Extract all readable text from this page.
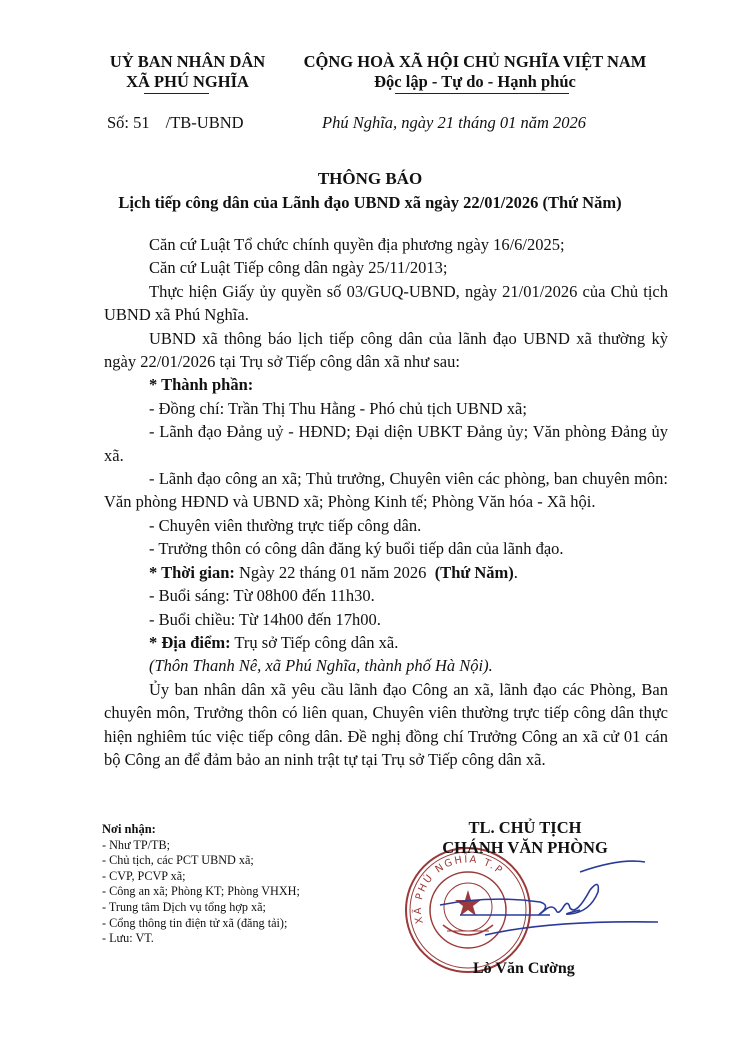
UỶ BAN NHÂN DÂN
XÃ PHÚ NGHĨA
CỘNG HOÀ XÃ HỘI CHỦ NGHĨA VIỆT NAM
Độc lập - Tự do - Hạnh phúc
Số: 51 /TB-UBND	Phú Nghĩa, ngày 21 tháng 01 năm 2026
THÔNG BÁO
Lịch tiếp công dân của Lãnh đạo UBND xã ngày 22/01/2026 (Thứ Năm)

Căn cứ Luật Tổ chức chính quyền địa phương ngày 16/6/2025;

Căn cứ Luật Tiếp công dân ngày 25/11/2013;

Thực hiện Giấy ủy quyền số 03/GUQ-UBND, ngày 21/01/2026 của Chủ tịch UBND xã Phú Nghĩa.

UBND xã thông báo lịch tiếp công dân của lãnh đạo UBND xã thường kỳ ngày 22/01/2026 tại Trụ sở Tiếp công dân xã như sau:

* Thành phần:

- Đồng chí: Trần Thị Thu Hằng - Phó chủ tịch UBND xã;

- Lãnh đạo Đảng uỷ - HĐND; Đại diện UBKT Đảng ủy; Văn phòng Đảng ủy xã.

- Lãnh đạo công an xã; Thủ trưởng, Chuyên viên các phòng, ban chuyên môn: Văn phòng HĐND và UBND xã; Phòng Kinh tế; Phòng Văn hóa - Xã hội.

- Chuyên viên thường trực tiếp công dân.

- Trưởng thôn có công dân đăng ký buổi tiếp dân của lãnh đạo.

* Thời gian: Ngày 22 tháng 01 năm 2026  (Thứ Năm).

- Buổi sáng: Từ 08h00 đến 11h30.

- Buổi chiều: Từ 14h00 đến 17h00.

* Địa điểm: Trụ sở Tiếp công dân xã.

(Thôn Thanh Nê, xã Phú Nghĩa, thành phố Hà Nội).

Ủy ban nhân dân xã yêu cầu lãnh đạo Công an xã, lãnh đạo các Phòng, Ban chuyên môn, Trưởng thôn có liên quan, Chuyên viên thường trực tiếp công dân thực hiện nghiêm túc việc tiếp công dân. Đề nghị đồng chí Trưởng Công an xã cử 01 cán bộ Công an để đảm bảo an ninh trật tự tại Trụ sở Tiếp công dân xã.

Nơi nhận:
- Như TP/TB;
- Chủ tịch, các PCT UBND xã;
- CVP, PCVP xã;
- Công an xã; Phòng KT; Phòng VHXH;
- Trung tâm Dịch vụ tổng hợp xã;
- Cổng thông tin điện tử xã (đăng tải);
- Lưu: VT.
XÃ PHÚ NGHĨA T.P
TL. CHỦ TỊCH
CHÁNH VĂN PHÒNG
Lò Văn Cường
